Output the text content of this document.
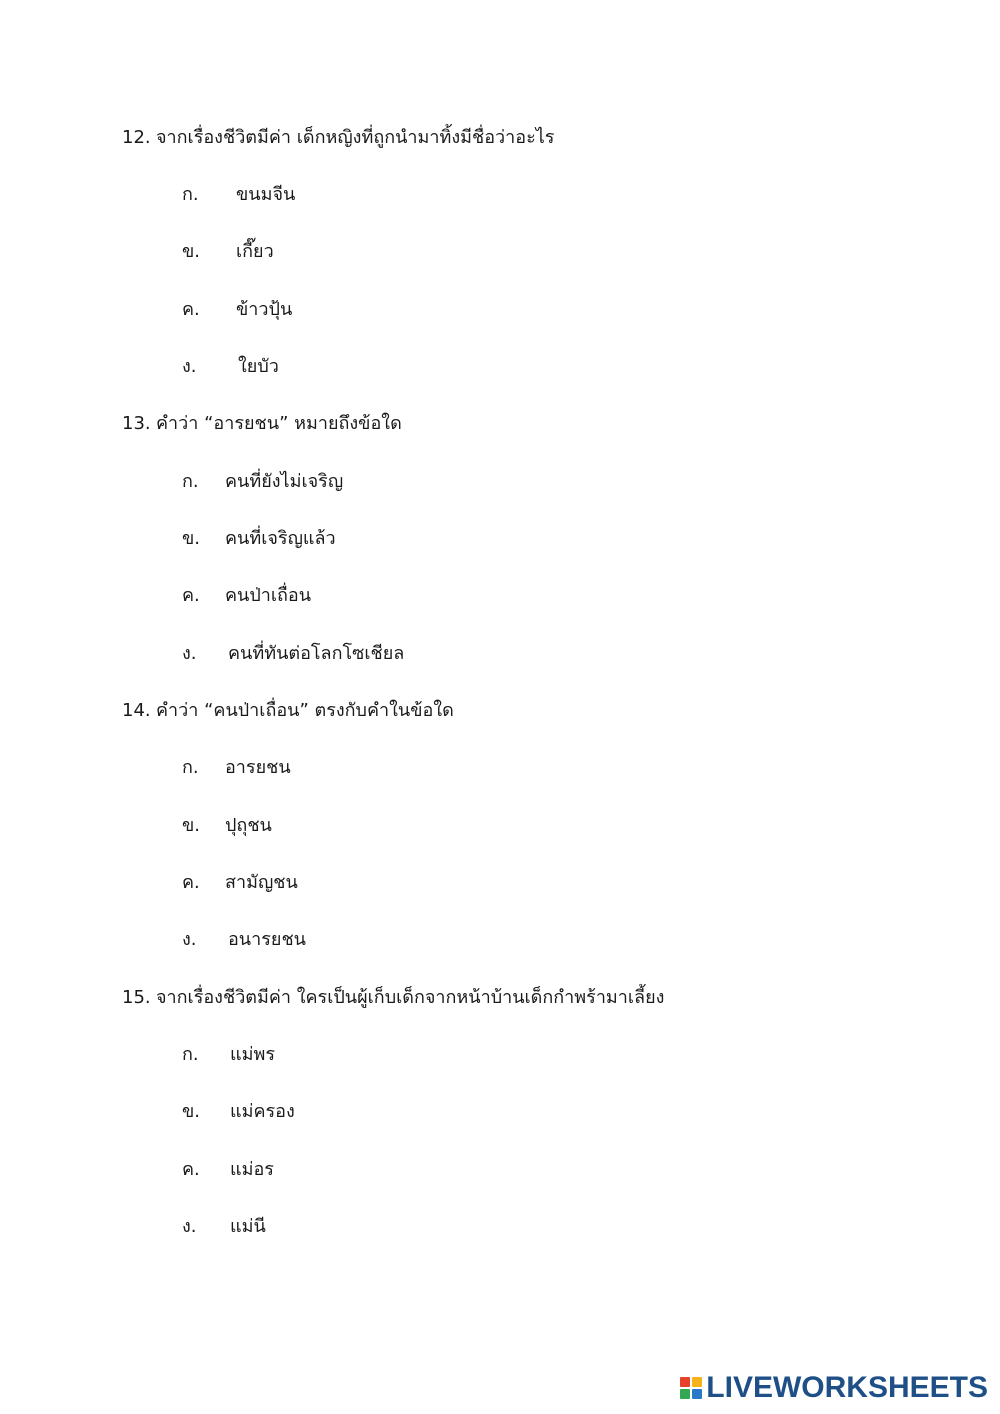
12. จากเรื่องชีวิตมีค่า เด็กหญิงที่ถูกนำมาทิ้งมีชื่อว่าอะไร
ก. ขนมจีน
ข. เกี๊ยว
ค. ข้าวปุ้น
ง. ใยบัว
13. คำว่า “อารยชน” หมายถึงข้อใด
ก. คนที่ยังไม่เจริญ
ข. คนที่เจริญแล้ว
ค. คนป่าเถื่อน
ง. คนที่ทันต่อโลกโซเชียล
14. คำว่า “คนป่าเถื่อน” ตรงกับคำในข้อใด
ก. อารยชน
ข. ปุถุชน
ค. สามัญชน
ง. อนารยชน
15. จากเรื่องชีวิตมีค่า ใครเป็นผู้เก็บเด็กจากหน้าบ้านเด็กกำพร้ามาเลี้ยง
ก. แม่พร
ข. แม่ครอง
ค. แม่อร
ง. แม่นี
LIVEWORKSHEETS
